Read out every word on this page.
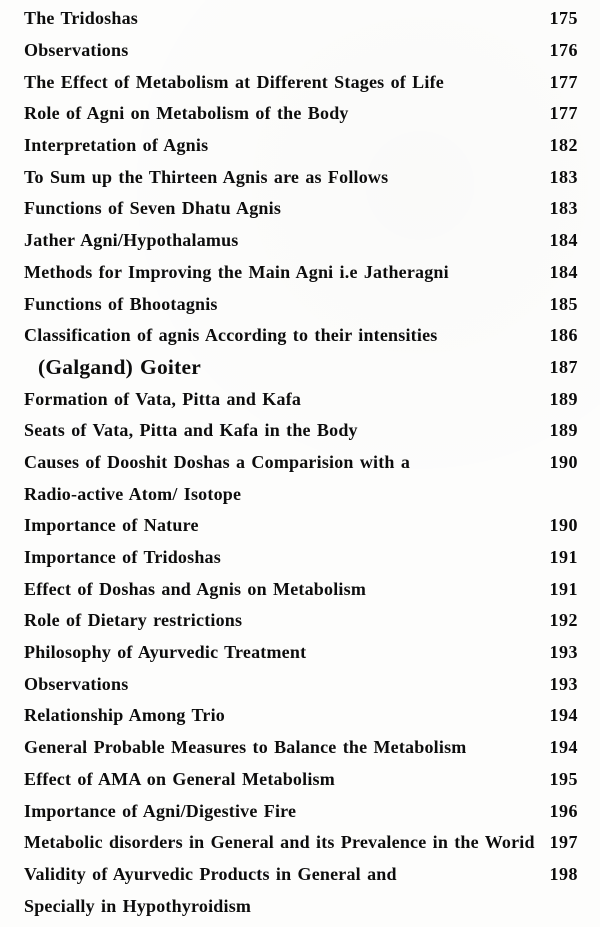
The Tridoshas	175
Observations	176
The Effect of Metabolism at Different Stages of Life	177
Role of Agni on Metabolism of the Body	177
Interpretation of Agnis	182
To Sum up the Thirteen Agnis are as Follows	183
Functions of Seven Dhatu Agnis	183
Jather Agni/Hypothalamus	184
Methods for Improving the Main Agni i.e Jatheragni	184
Functions of Bhootagnis	185
Classification of agnis According to their intensities	186
(Galgand) Goiter	187
Formation of Vata, Pitta and Kafa	189
Seats of Vata, Pitta and Kafa in the Body	189
Causes of Dooshit Doshas a Comparision with a	190
Radio-active Atom/ Isotope
Importance of Nature	190
Importance of Tridoshas	191
Effect of Doshas and Agnis on Metabolism	191
Role of Dietary restrictions	192
Philosophy of Ayurvedic Treatment	193
Observations	193
Relationship Among Trio	194
General Probable Measures to Balance the Metabolism	194
Effect of AMA on General Metabolism	195
Importance of Agni/Digestive Fire	196
Metabolic disorders in General and its Prevalence in the Worid 197
Validity of Ayurvedic Products in General and	198
Specially in Hypothyroidism
